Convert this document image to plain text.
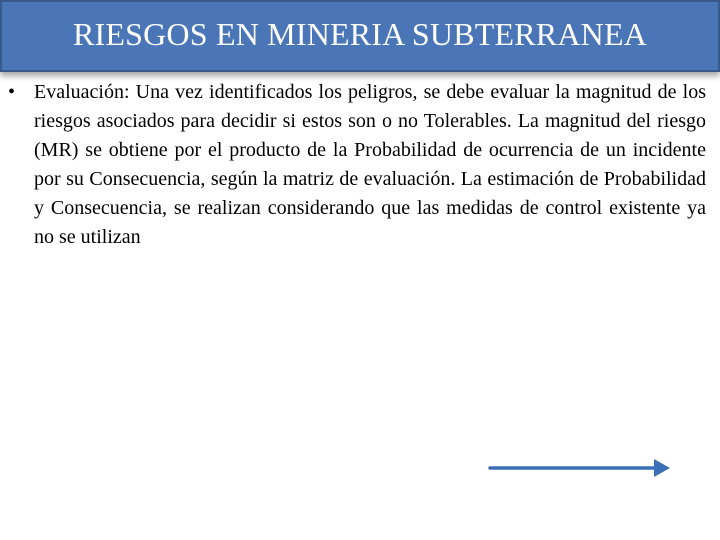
RIESGOS EN MINERIA SUBTERRANEA
• Evaluación: Una vez identificados los peligros, se debe evaluar la magnitud de los riesgos asociados para decidir si estos son o no Tolerables. La magnitud del riesgo (MR) se obtiene por el producto de la Probabilidad de ocurrencia de un incidente por su Consecuencia, según la matriz de evaluación. La estimación de Probabilidad y Consecuencia, se realizan considerando que las medidas de control existente ya no se utilizan
